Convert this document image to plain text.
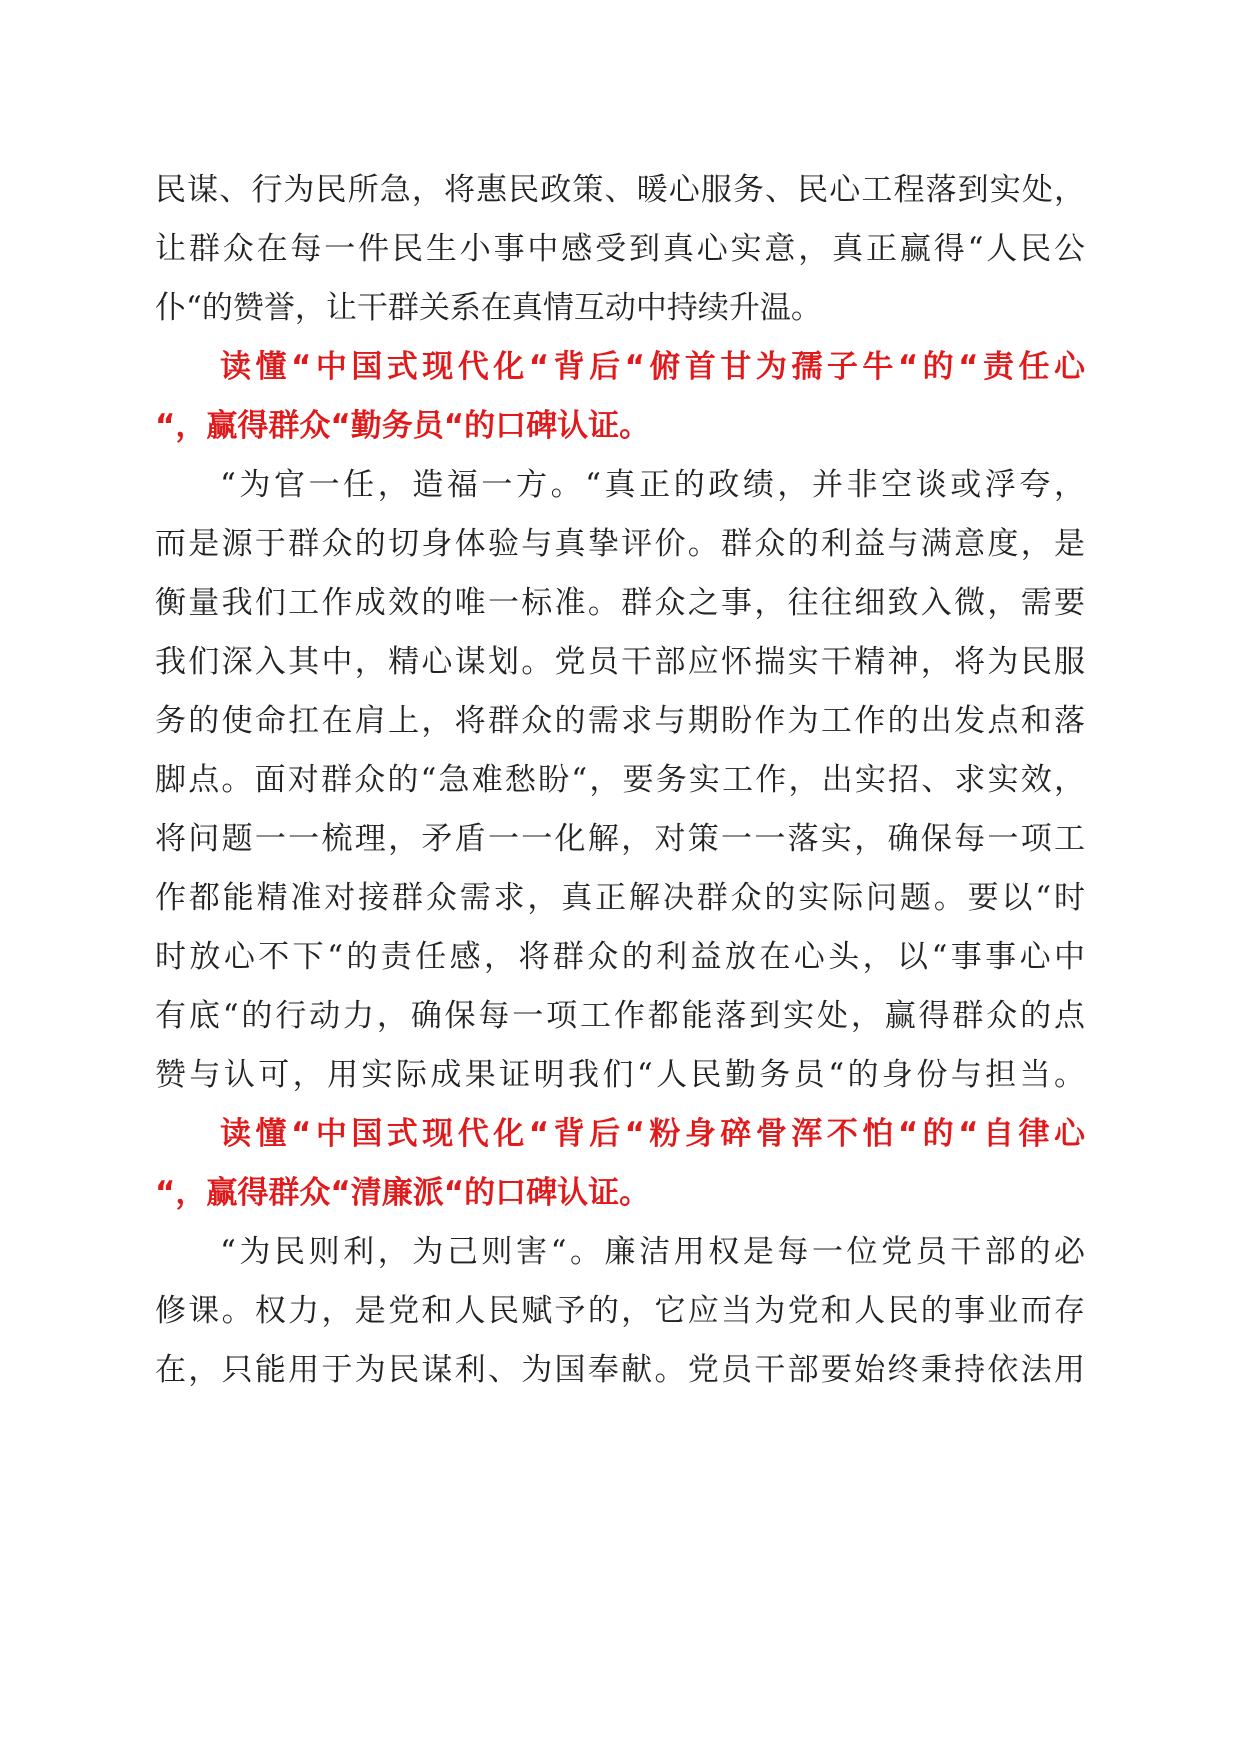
民谋、行为民所急，将惠民政策、暖心服务、民心工程落到实处，
让群众在每一件民生小事中感受到真心实意，真正赢得“人民公
仆“的赞誉，让干群关系在真情互动中持续升温。
读懂“中国式现代化“背后“俯首甘为孺子牛“的“责任心
“，赢得群众“勤务员“的口碑认证。
“为官一任，造福一方。“真正的政绩，并非空谈或浮夸，
而是源于群众的切身体验与真挚评价。群众的利益与满意度，是
衡量我们工作成效的唯一标准。群众之事，往往细致入微，需要
我们深入其中，精心谋划。党员干部应怀揣实干精神，将为民服
务的使命扛在肩上，将群众的需求与期盼作为工作的出发点和落
脚点。面对群众的“急难愁盼“，要务实工作，出实招、求实效，
将问题一一梳理，矛盾一一化解，对策一一落实，确保每一项工
作都能精准对接群众需求，真正解决群众的实际问题。要以“时
时放心不下“的责任感，将群众的利益放在心头，以“事事心中
有底“的行动力，确保每一项工作都能落到实处，赢得群众的点
赞与认可，用实际成果证明我们“人民勤务员“的身份与担当。
读懂“中国式现代化“背后“粉身碎骨浑不怕“的“自律心
“，赢得群众“清廉派“的口碑认证。
“为民则利，为己则害“。廉洁用权是每一位党员干部的必
修课。权力，是党和人民赋予的，它应当为党和人民的事业而存
在，只能用于为民谋利、为国奉献。党员干部要始终秉持依法用
